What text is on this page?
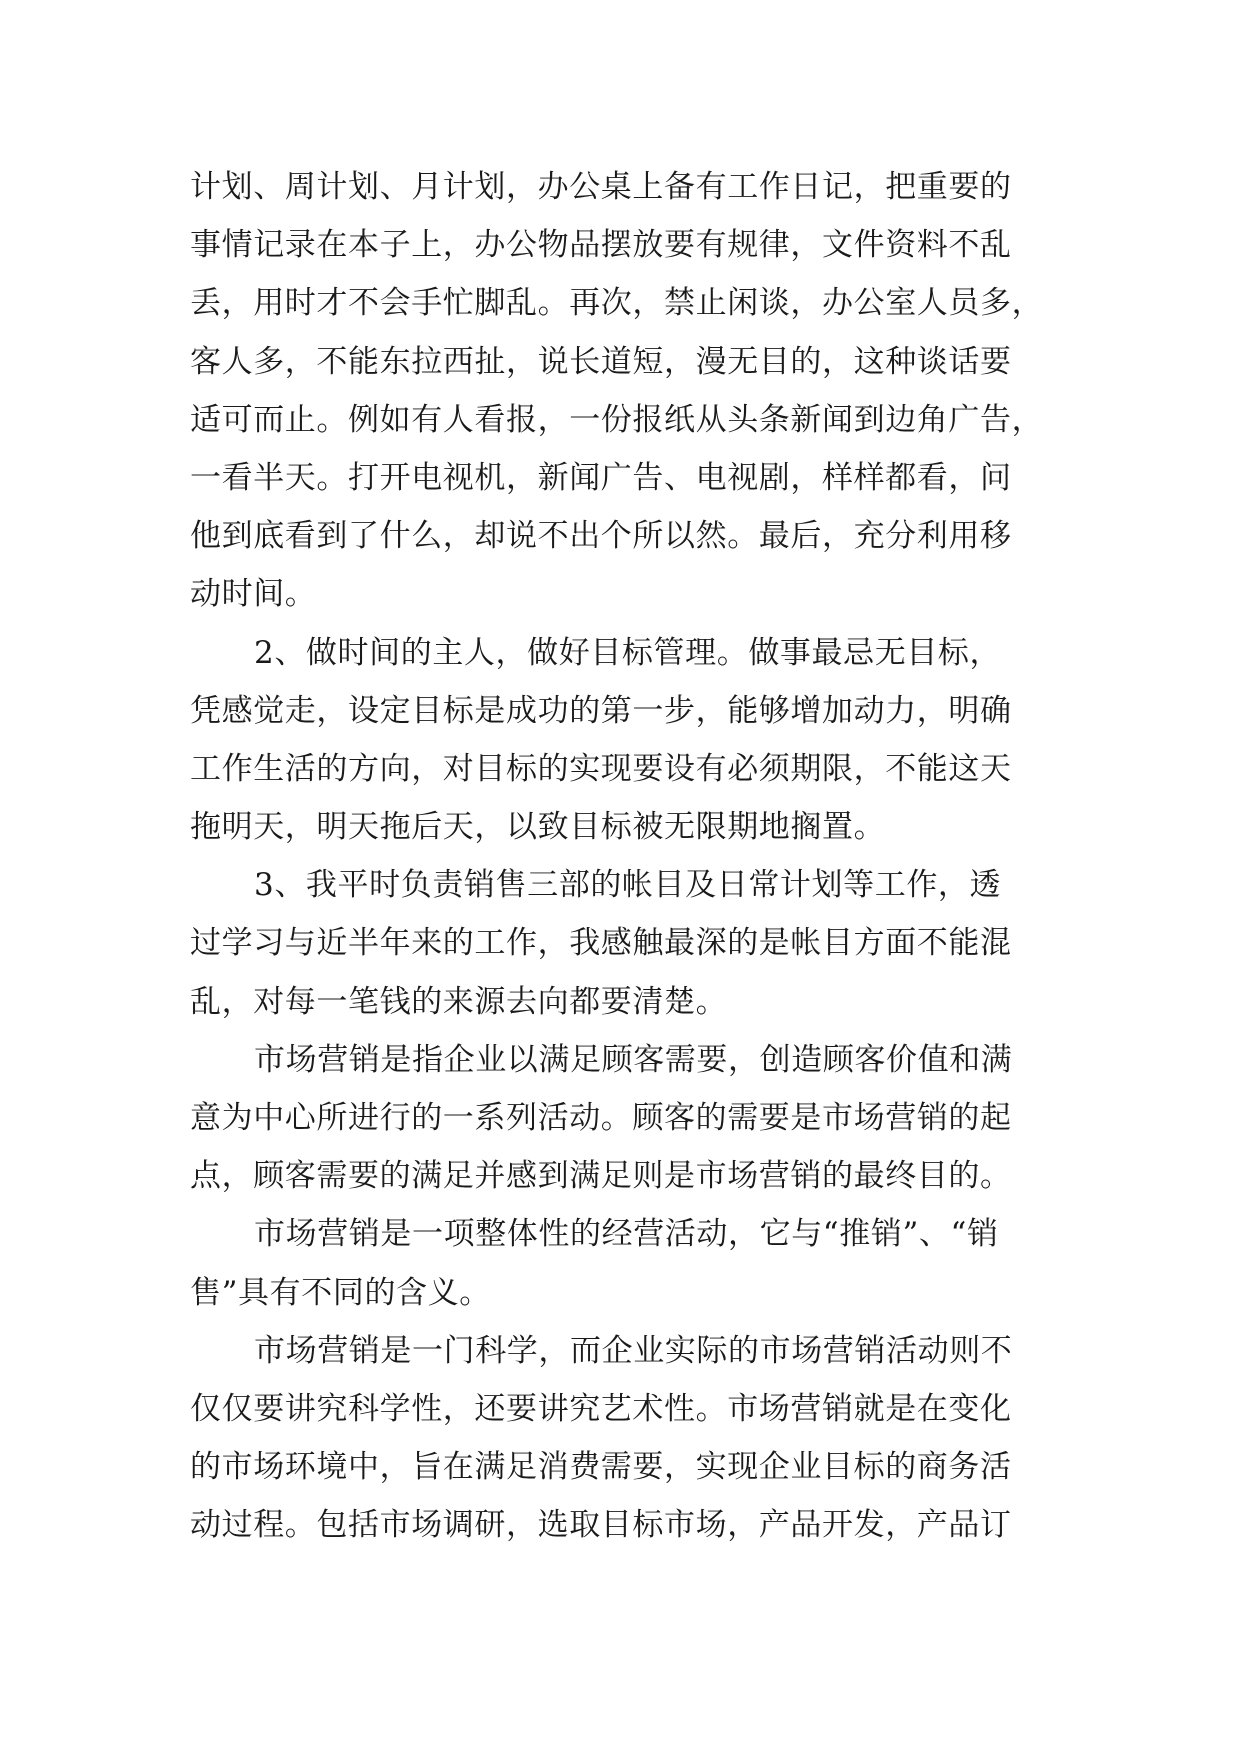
计划、周计划、月计划，办公桌上备有工作日记，把重要的
事情记录在本子上，办公物品摆放要有规律，文件资料不乱
丢，用时才不会手忙脚乱。再次，禁止闲谈，办公室人员多，
客人多，不能东拉西扯，说长道短，漫无目的，这种谈话要
适可而止。例如有人看报，一份报纸从头条新闻到边角广告，
一看半天。打开电视机，新闻广告、电视剧，样样都看，问
他到底看到了什么，却说不出个所以然。最后，充分利用移
动时间。
2、做时间的主人，做好目标管理。做事最忌无目标，
凭感觉走，设定目标是成功的第一步，能够增加动力，明确
工作生活的方向，对目标的实现要设有必须期限，不能这天
拖明天，明天拖后天，以致目标被无限期地搁置。
3、我平时负责销售三部的帐目及日常计划等工作，透
过学习与近半年来的工作，我感触最深的是帐目方面不能混
乱，对每一笔钱的来源去向都要清楚。
市场营销是指企业以满足顾客需要，创造顾客价值和满
意为中心所进行的一系列活动。顾客的需要是市场营销的起
点，顾客需要的满足并感到满足则是市场营销的最终目的。
市场营销是一项整体性的经营活动，它与“推销”、“销
售”具有不同的含义。
市场营销是一门科学，而企业实际的市场营销活动则不
仅仅要讲究科学性，还要讲究艺术性。市场营销就是在变化
的市场环境中，旨在满足消费需要，实现企业目标的商务活
动过程。包括市场调研，选取目标市场，产品开发，产品订
